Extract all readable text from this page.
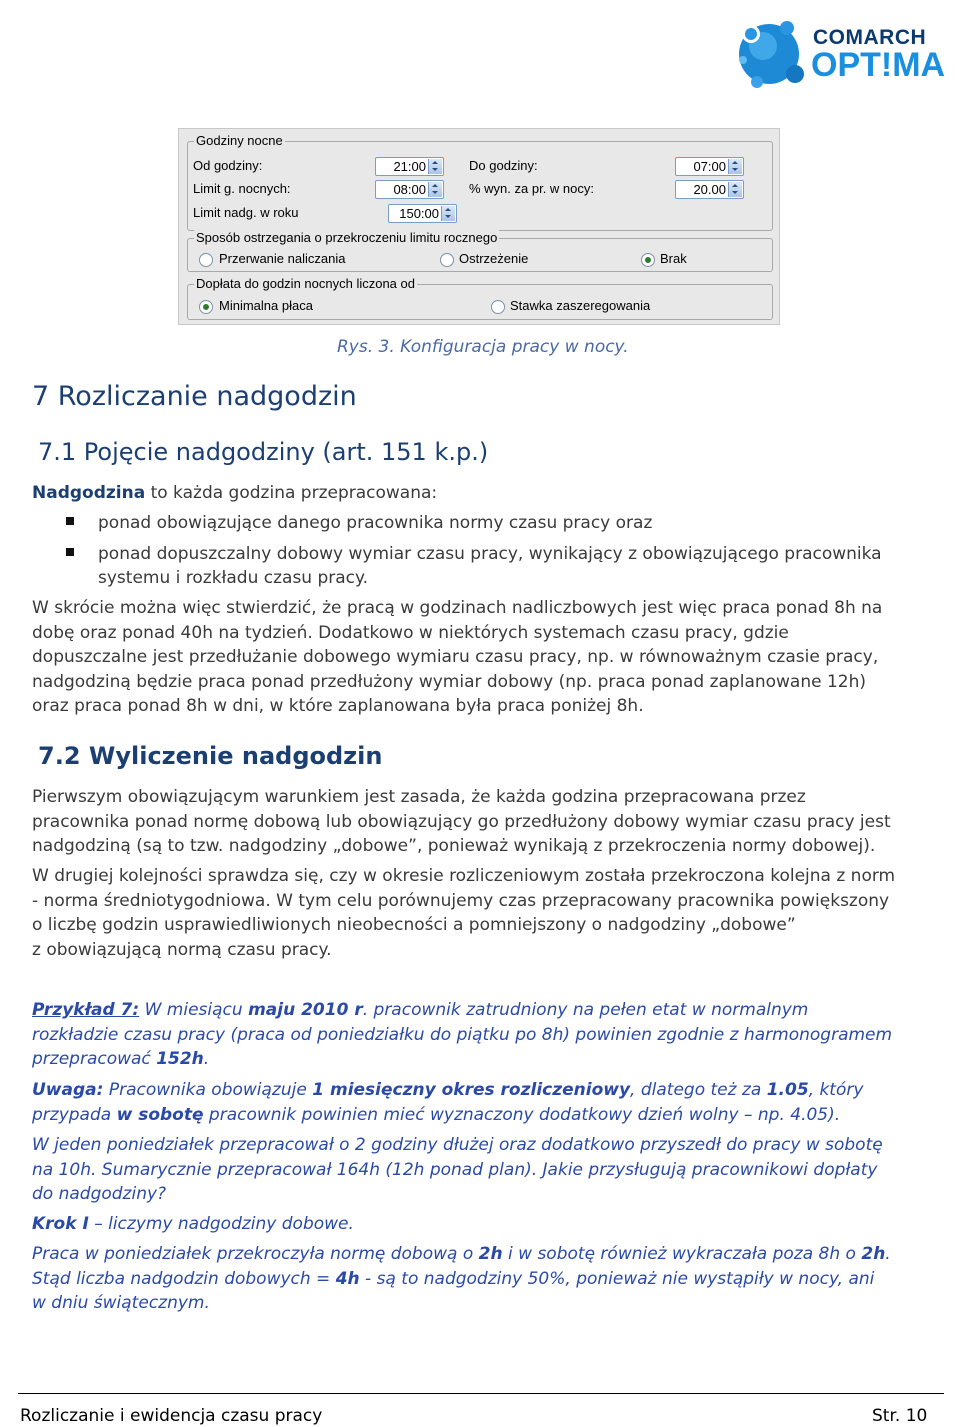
COMARCH
OPT!MA
Godziny nocne
Od godziny:	21:00	Do godziny:	07:00
Limit g. nocnych:	08:00	% wyn. za pr. w nocy:	20.00
Limit nadg. w roku	150:00
Sposób ostrzegania o przekroczeniu limitu rocznego
Przerwanie naliczania	Ostrzeżenie	Brak
Dopłata do godzin nocnych liczona od
Minimalna płaca	Stawka zaszeregowania
Rys. 3. Konfiguracja pracy w nocy.
7 Rozliczanie nadgodzin
7.1 Pojęcie nadgodziny (art. 151 k.p.)
Nadgodzina to każda godzina przepracowana:
ponad obowiązujące danego pracownika normy czasu pracy oraz
ponad dopuszczalny dobowy wymiar czasu pracy, wynikający z obowiązującego pracownika
systemu i rozkładu czasu pracy.
W skrócie można więc stwierdzić, że pracą w godzinach nadliczbowych jest więc praca ponad 8h na
dobę oraz ponad 40h na tydzień. Dodatkowo w niektórych systemach czasu pracy, gdzie
dopuszczalne jest przedłużanie dobowego wymiaru czasu pracy, np. w równoważnym czasie pracy,
nadgodziną będzie praca ponad przedłużony wymiar dobowy (np. praca ponad zaplanowane 12h)
oraz praca ponad 8h w dni, w które zaplanowana była praca poniżej 8h.
7.2 Wyliczenie nadgodzin
Pierwszym obowiązującym warunkiem jest zasada, że każda godzina przepracowana przez
pracownika ponad normę dobową lub obowiązujący go przedłużony dobowy wymiar czasu pracy jest
nadgodziną (są to tzw. nadgodziny „dobowe”, ponieważ wynikają z przekroczenia normy dobowej).
W drugiej kolejności sprawdza się, czy w okresie rozliczeniowym została przekroczona kolejna z norm
- norma średniotygodniowa. W tym celu porównujemy czas przepracowany pracownika powiększony
o liczbę godzin usprawiedliwionych nieobecności a pomniejszony o nadgodziny „dobowe”
z obowiązującą normą czasu pracy.
Przykład 7: W miesiącu maju 2010 r. pracownik zatrudniony na pełen etat w normalnym
rozkładzie czasu pracy (praca od poniedziałku do piątku po 8h) powinien zgodnie z harmonogramem
przepracować 152h.
Uwaga: Pracownika obowiązuje 1 miesięczny okres rozliczeniowy, dlatego też za 1.05, który
przypada w sobotę pracownik powinien mieć wyznaczony dodatkowy dzień wolny – np. 4.05).
W jeden poniedziałek przepracował o 2 godziny dłużej oraz dodatkowo przyszedł do pracy w sobotę
na 10h. Sumarycznie przepracował 164h (12h ponad plan). Jakie przysługują pracownikowi dopłaty
do nadgodziny?
Krok I – liczymy nadgodziny dobowe.
Praca w poniedziałek przekroczyła normę dobową o 2h i w sobotę również wykraczała poza 8h o 2h.
Stąd liczba nadgodzin dobowych = 4h - są to nadgodziny 50%, ponieważ nie wystąpiły w nocy, ani
w dniu świątecznym.
Rozliczanie i ewidencja czasu pracy	Str. 10
